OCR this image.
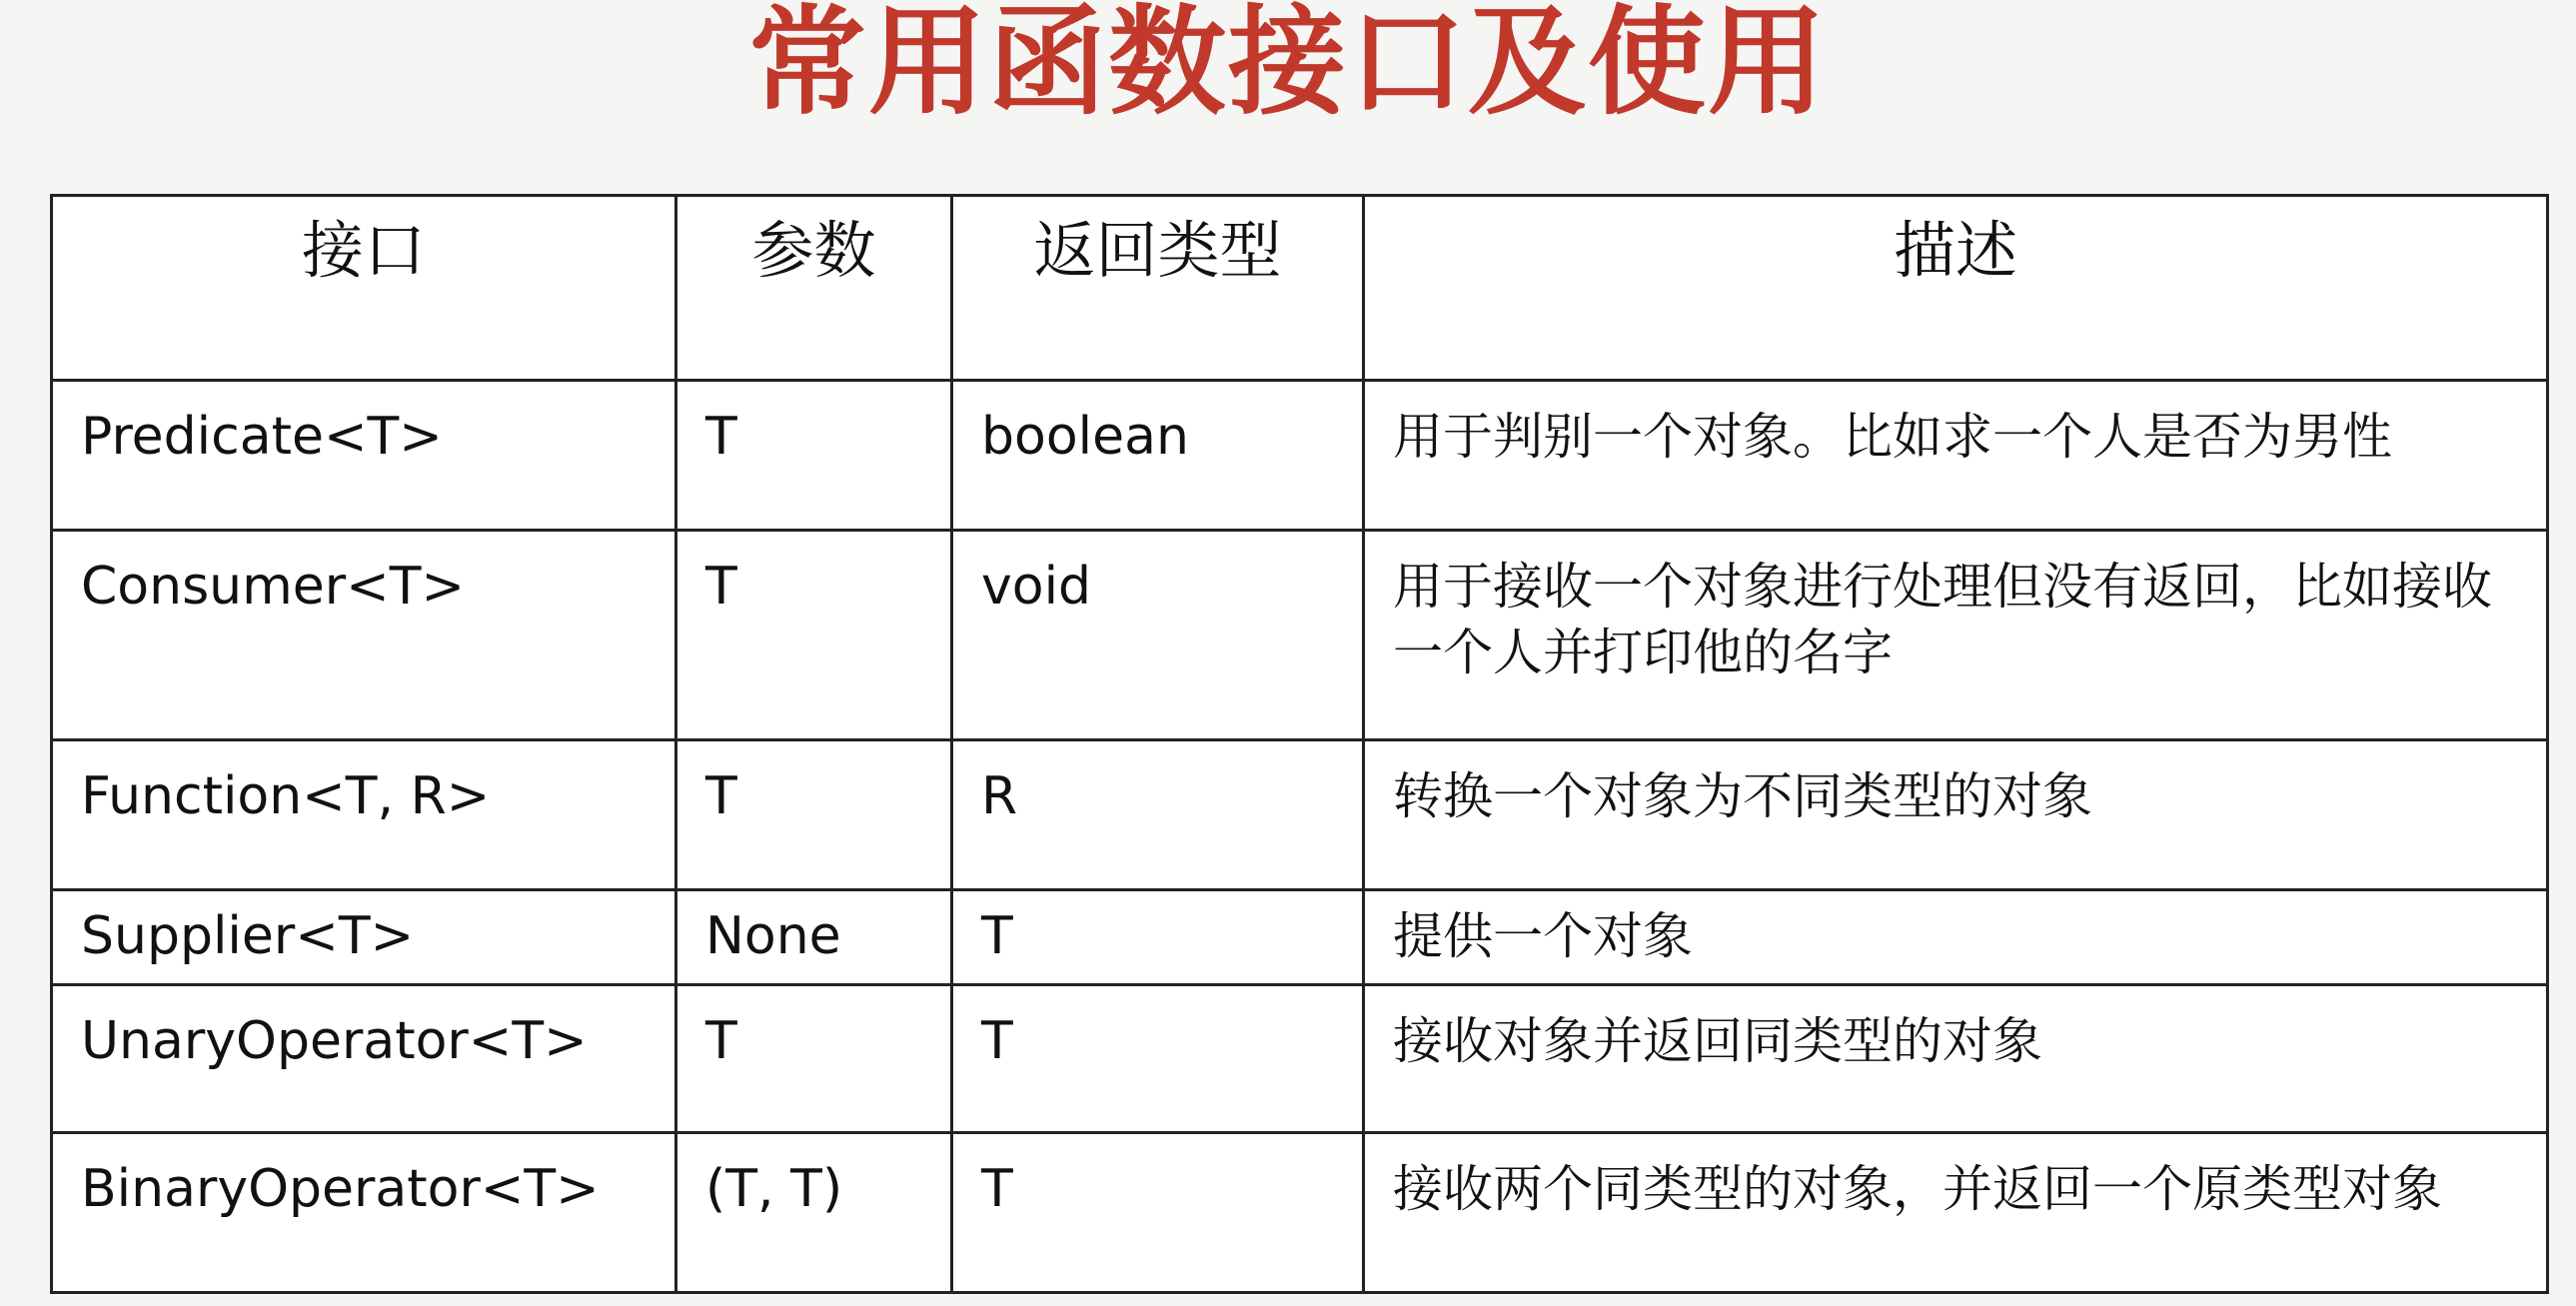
常用函数接口及使用
接口	参数	返回类型	描述
Predicate<T>	T	boolean	用于判别一个对象。比如求一个人是否为男性
Consumer<T>	T	void	用于接收一个对象进行处理但没有返回，比如接收一个人并打印他的名字
Function<T, R>	T	R	转换一个对象为不同类型的对象
Supplier<T>	None	T	提供一个对象
UnaryOperator<T>	T	T	接收对象并返回同类型的对象
BinaryOperator<T>	(T, T)	T	接收两个同类型的对象，并返回一个原类型对象
